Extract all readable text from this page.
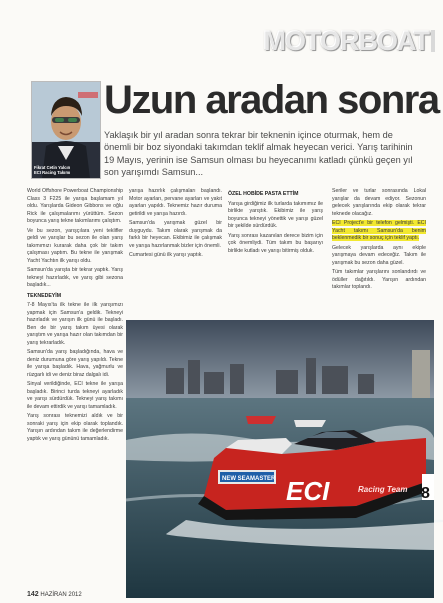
MOTORBOAT
Fikrat Cetin Yalcın
ECI Racing Takımı
Uzun aradan sonra
Yaklaşık bir yıl aradan sonra tekrar bir teknenin içince oturmak, hem de önemli bir boz siyondaki takımdan teklif almak heyecan verici. Yarış tarihinin 19 Mayıs, yerinin ise Samsun olması bu heyecanımı katladı çünkü geçen yıl son yarışımdı Samsun...

World Offshore Powerboat Championship Class 3 F225 ile yarışa başlamam yıl oldu. Yarışlarda Gideon Gibbons ve oğlu Rick ile çalışmalarımı yürüttüm. Sezon boyunca yarış tekne takımlarımı çalıştım.

Ve bu sezon, yarışçılara yeni teklifler geldi ve yarışlar bu sezon ile olan yarış takımımızı kurarak daha çok bir takım çalışması yaptım. Bu tekne ile yarışmak Yacht Yachtın ilk yarışı oldu.

Samsun'da yarışta bir tekrar yaptık. Yarış tekneyi hazırladık, ve yarış gibi sezona başladık...

TEKNEDEYİM

7-8 Mayıs'ta ilk tekne ile ilk yarışımızı yapmak için Samsun'a geldik. Tekneyi hazırladık ve yarışın ilk günü ile başladı. Ben de bir yarış takım üyesi olarak yarıştım ve yarışa hazır olan takımdan bir yarış tekrarladık.

Samsun'da yarış başladığında, hava ve deniz durumuna göre yarış yapıldı. Tekne ile yarışa başladık. Hava, yağmurlu ve rüzgarlı idi ve deniz biraz dalgalı idi.

Sinyal verildiğinde, ECI tekne ile yarışa başladık. Birinci turda tekneyi ayarladık ve yarışı sürdürdük. Tekneyi yarış takımı ile devam ettirdik ve yarışı tamamladık.

Yarış sonrası teknemizi aldık ve bir sonraki yarış için ekip olarak toplandık. Yarışın ardından takım ile değerlendirme yaptık ve yarış gününü tamamladık.

yarışa hazırlık çalışmaları başlandı. Motor ayarları, pervane ayarları ve yakıt ayarları yapıldı. Teknemiz hazır duruma getirildi ve yarışa hazırdı.

Samsun'da yarışmak güzel bir duyguydu. Takım olarak yarışmak da farklı bir heyecan. Ekibimiz ile çalışmak ve yarışa hazırlanmak bizler için önemli.

Cumartesi günü ilk yarışı yaptık.

ÖZEL HOBİDE PASTA ETTİM

Yarışa girdiğimiz ilk turlarda takımımız ile birlikte yarıştık. Ekibimiz ile yarış boyunca tekneyi yönettik ve yarışı güzel bir şekilde sürdürdük.

Yarış sonrası kazanılan derece bizim için çok önemliydi. Tüm takım bu başarıyı birlikte kutladı ve yarışı bitirmiş olduk.

Seriler ve turlar sonrasında Lokal yarışlar da devam ediyor. Sezonun gelecek yarışlarında ekip olarak tekrar teknede olacağız.

ECI Project'e bir telefon gelmişti. ECI Yacht takımı Samsun'da benim beklenmedik bir sonuç için teklif yaptı.

Gelecek yarışlarda aynı ekiple yarışmaya devam edeceğiz. Takım ile yarışmak bu sezon daha güzel.

Tüm takımlar yarışlarını sonlandırdı ve ödüller dağıtıldı. Yarışın ardından takımlar toplandı.

8
ECI	Racing Team
NEW SEAMASTER
142 HAZİRAN 2012
